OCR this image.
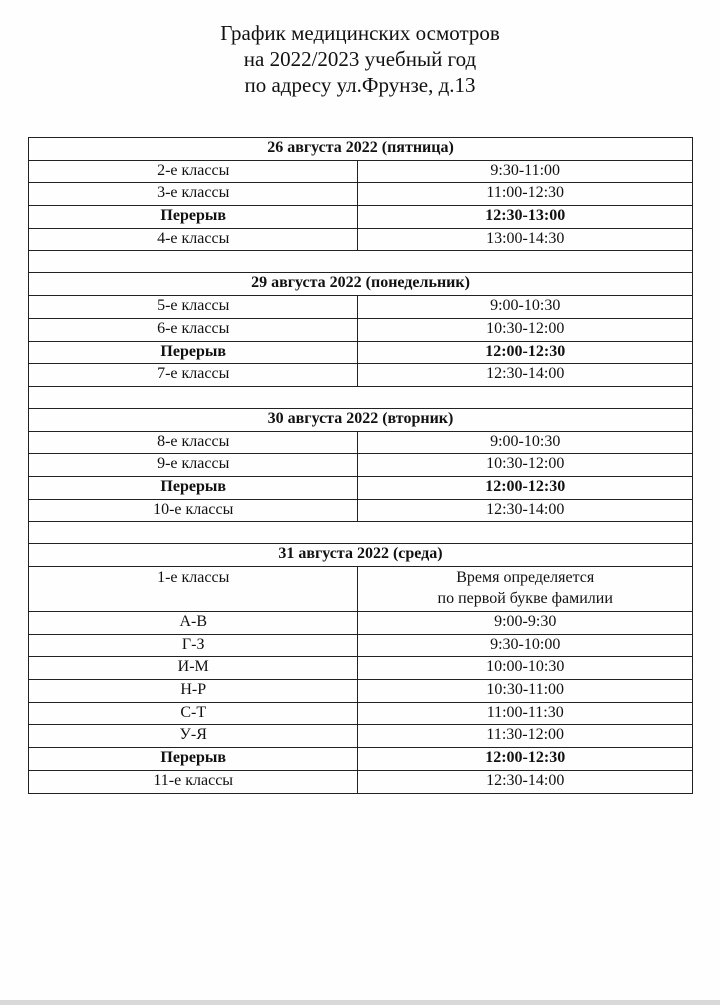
График медицинских осмотров
на 2022/2023 учебный год
по адресу ул.Фрунзе, д.13
26 августа 2022 (пятница)	
2-е классы	9:30-11:00
3-е классы	11:00-12:30
Перерыв	12:30-13:00
4-е классы	13:00-14:30

29 августа 2022 (понедельник)	
5-е классы	9:00-10:30
6-е классы	10:30-12:00
Перерыв	12:00-12:30
7-е классы	12:30-14:00

30 августа 2022 (вторник)	
8-е классы	9:00-10:30
9-е классы	10:30-12:00
Перерыв	12:00-12:30
10-е классы	12:30-14:00

31 августа 2022 (среда)	
1-е классы	Время определяется
по первой букве фамилии

А-В	9:00-9:30
Г-З	9:30-10:00
И-М	10:00-10:30
Н-Р	10:30-11:00
С-Т	11:00-11:30
У-Я	11:30-12:00
Перерыв	12:00-12:30
11-е классы	12:30-14:00
